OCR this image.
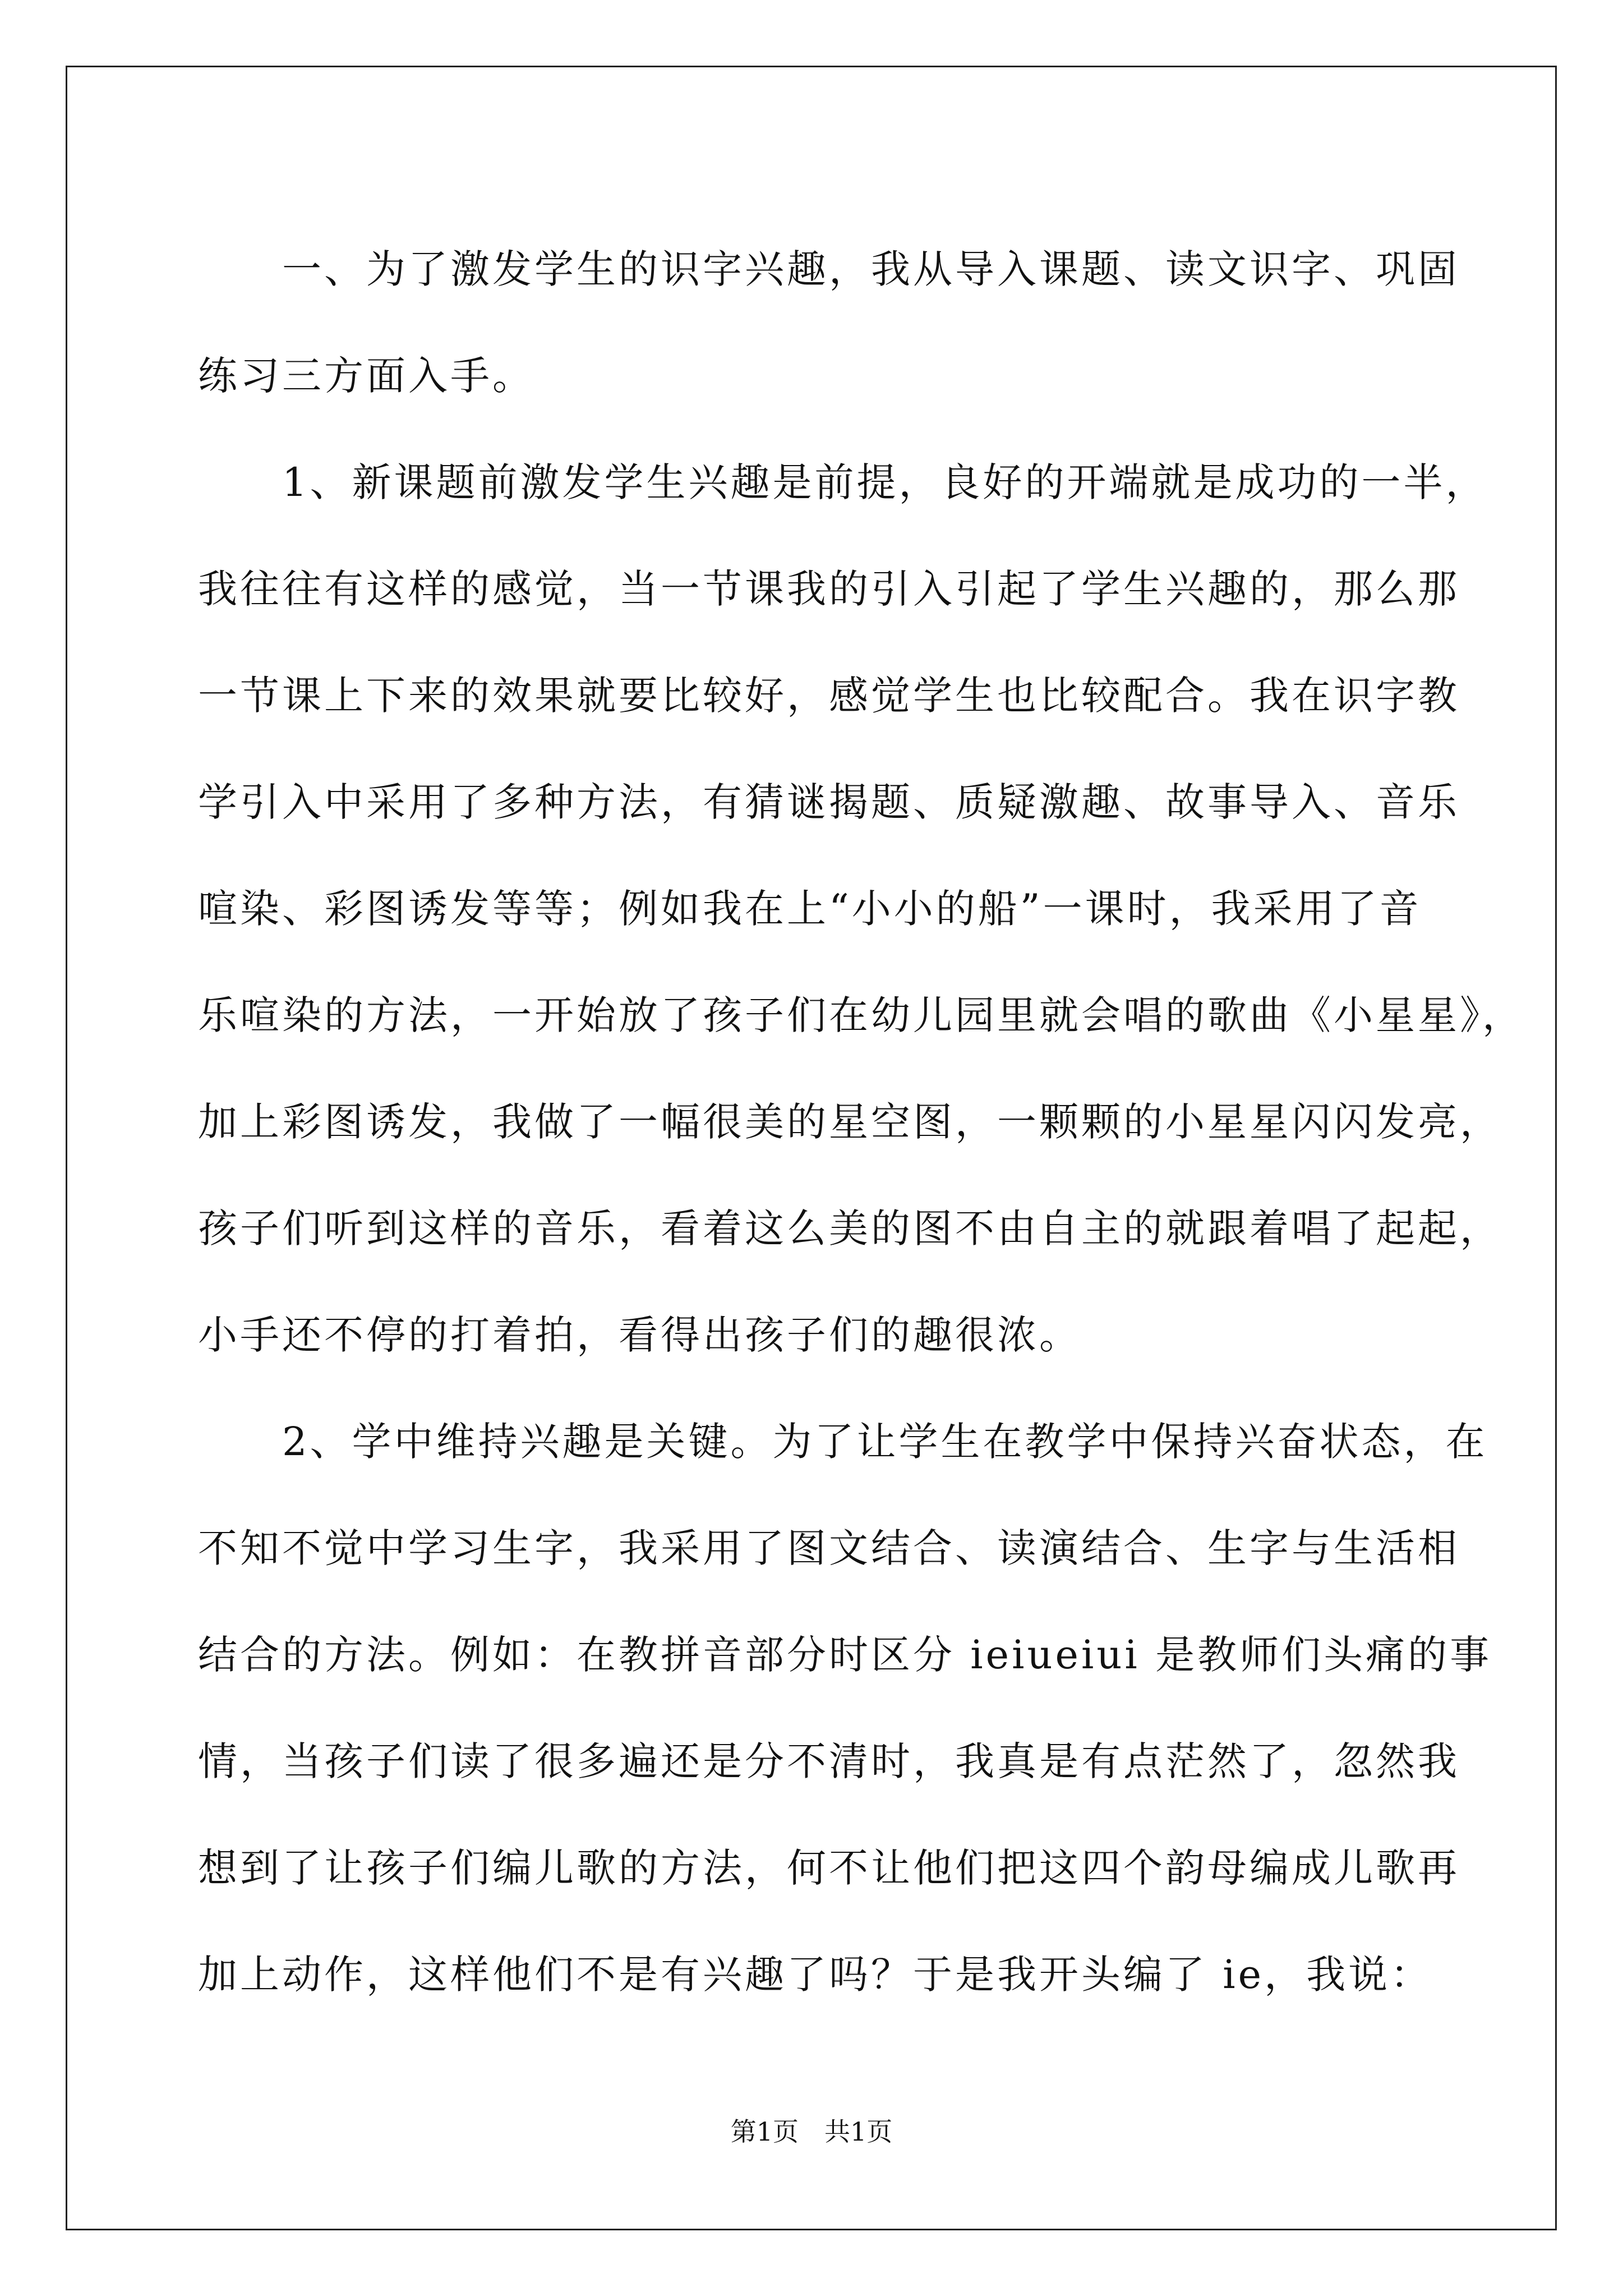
　　一、为了激发学生的识字兴趣，我从导入课题、读文识字、巩固
练习三方面入手。
　　1、新课题前激发学生兴趣是前提，良好的开端就是成功的一半，
我往往有这样的感觉，当一节课我的引入引起了学生兴趣的，那么那
一节课上下来的效果就要比较好，感觉学生也比较配合。我在识字教
学引入中采用了多种方法，有猜谜揭题、质疑激趣、故事导入、音乐
喧染、彩图诱发等等；例如我在上“小小的船”一课时，我采用了音
乐喧染的方法，一开始放了孩子们在幼儿园里就会唱的歌曲《小星星》，
加上彩图诱发，我做了一幅很美的星空图，一颗颗的小星星闪闪发亮，
孩子们听到这样的音乐，看着这么美的图不由自主的就跟着唱了起起，
小手还不停的打着拍，看得出孩子们的趣很浓。
　　2、学中维持兴趣是关键。为了让学生在教学中保持兴奋状态，在
不知不觉中学习生字，我采用了图文结合、读演结合、生字与生活相
结合的方法。例如：在教拼音部分时区分 ieiueiui 是教师们头痛的事
情，当孩子们读了很多遍还是分不清时，我真是有点茫然了，忽然我
想到了让孩子们编儿歌的方法，何不让他们把这四个韵母编成儿歌再
加上动作，这样他们不是有兴趣了吗？于是我开头编了 ie，我说：
第1页　共1页
